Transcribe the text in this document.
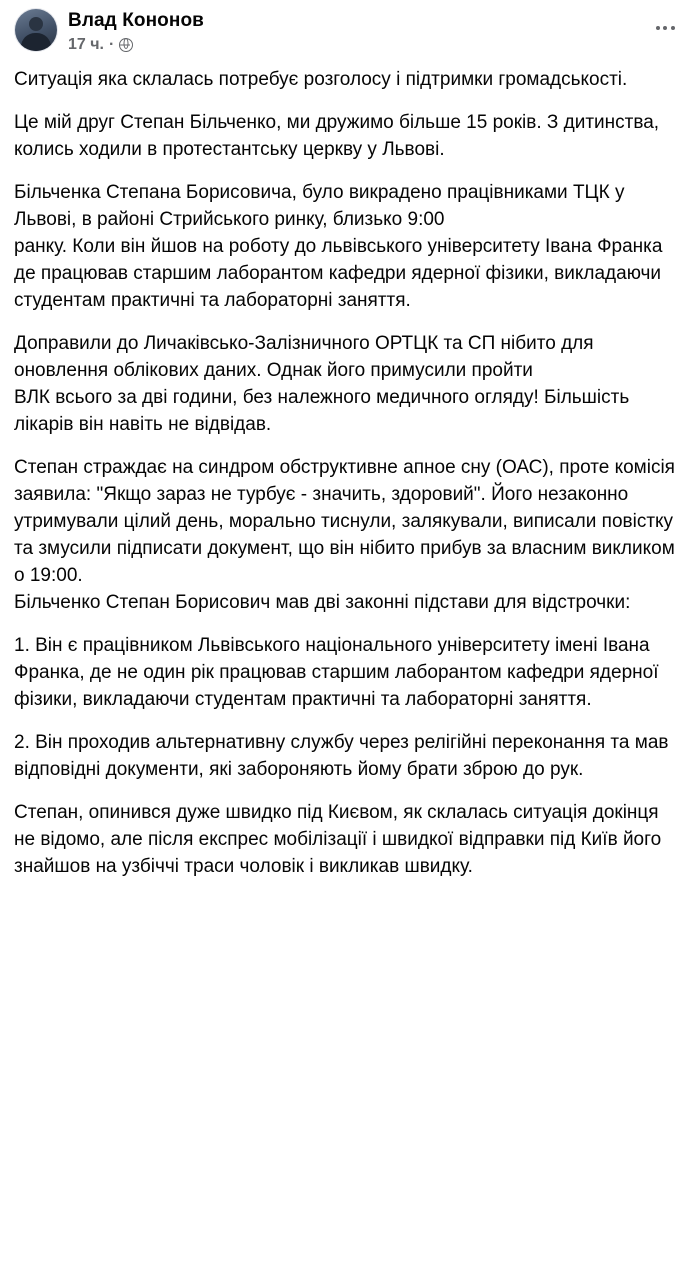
Влад Кононов
17 ч. ·

Ситуація яка склалась потребує розголосу і підтримки громадськості.

Це мій друг Степан Більченко, ми дружимо більше 15 років. З дитинства, колись ходили в протестантську церкву у Львові.

Більченка Степана Борисовича, було викрадено працівниками ТЦК у Львові, в районі Стрийського ринку, близько 9:00

ранку. Коли він йшов на роботу до львівського університету Івана Франка де працював старшим лаборантом кафедри ядерної фізики, викладаючи студентам практичні та лабораторні заняття.

Доправили до Личаківсько-Залізничного ОРТЦК та СП нібито для оновлення облікових даних. Однак його примусили пройти

ВЛК всього за дві години, без належного медичного огляду! Більшість лікарів він навіть не відвідав.

Степан страждає на синдром обструктивне апное сну (ОАС), проте комісія заявила: "Якщо зараз не турбує - значить, здоровий". Його незаконно утримували цілий день, морально тиснули, залякували, виписали повістку та змусили підписати документ, що він нібито прибув за власним викликом о 19:00.

Більченко Степан Борисович мав дві законні підстави для відстрочки:

1. Він є працівником Львівського національного університету імені Івана Франка, де не один рік працював старшим лаборантом кафедри ядерної фізики, викладаючи студентам практичні та лабораторні заняття.

2. Він проходив альтернативну службу через релігійні переконання та мав відповідні документи, які забороняють йому брати зброю до рук.

Степан, опинився дуже швидко під Києвом, як склалась ситуація докінця не відомо, але після експрес мобілізації і швидкої відправки під Київ його знайшов на узбіччі траси чоловік і викликав швидку.
